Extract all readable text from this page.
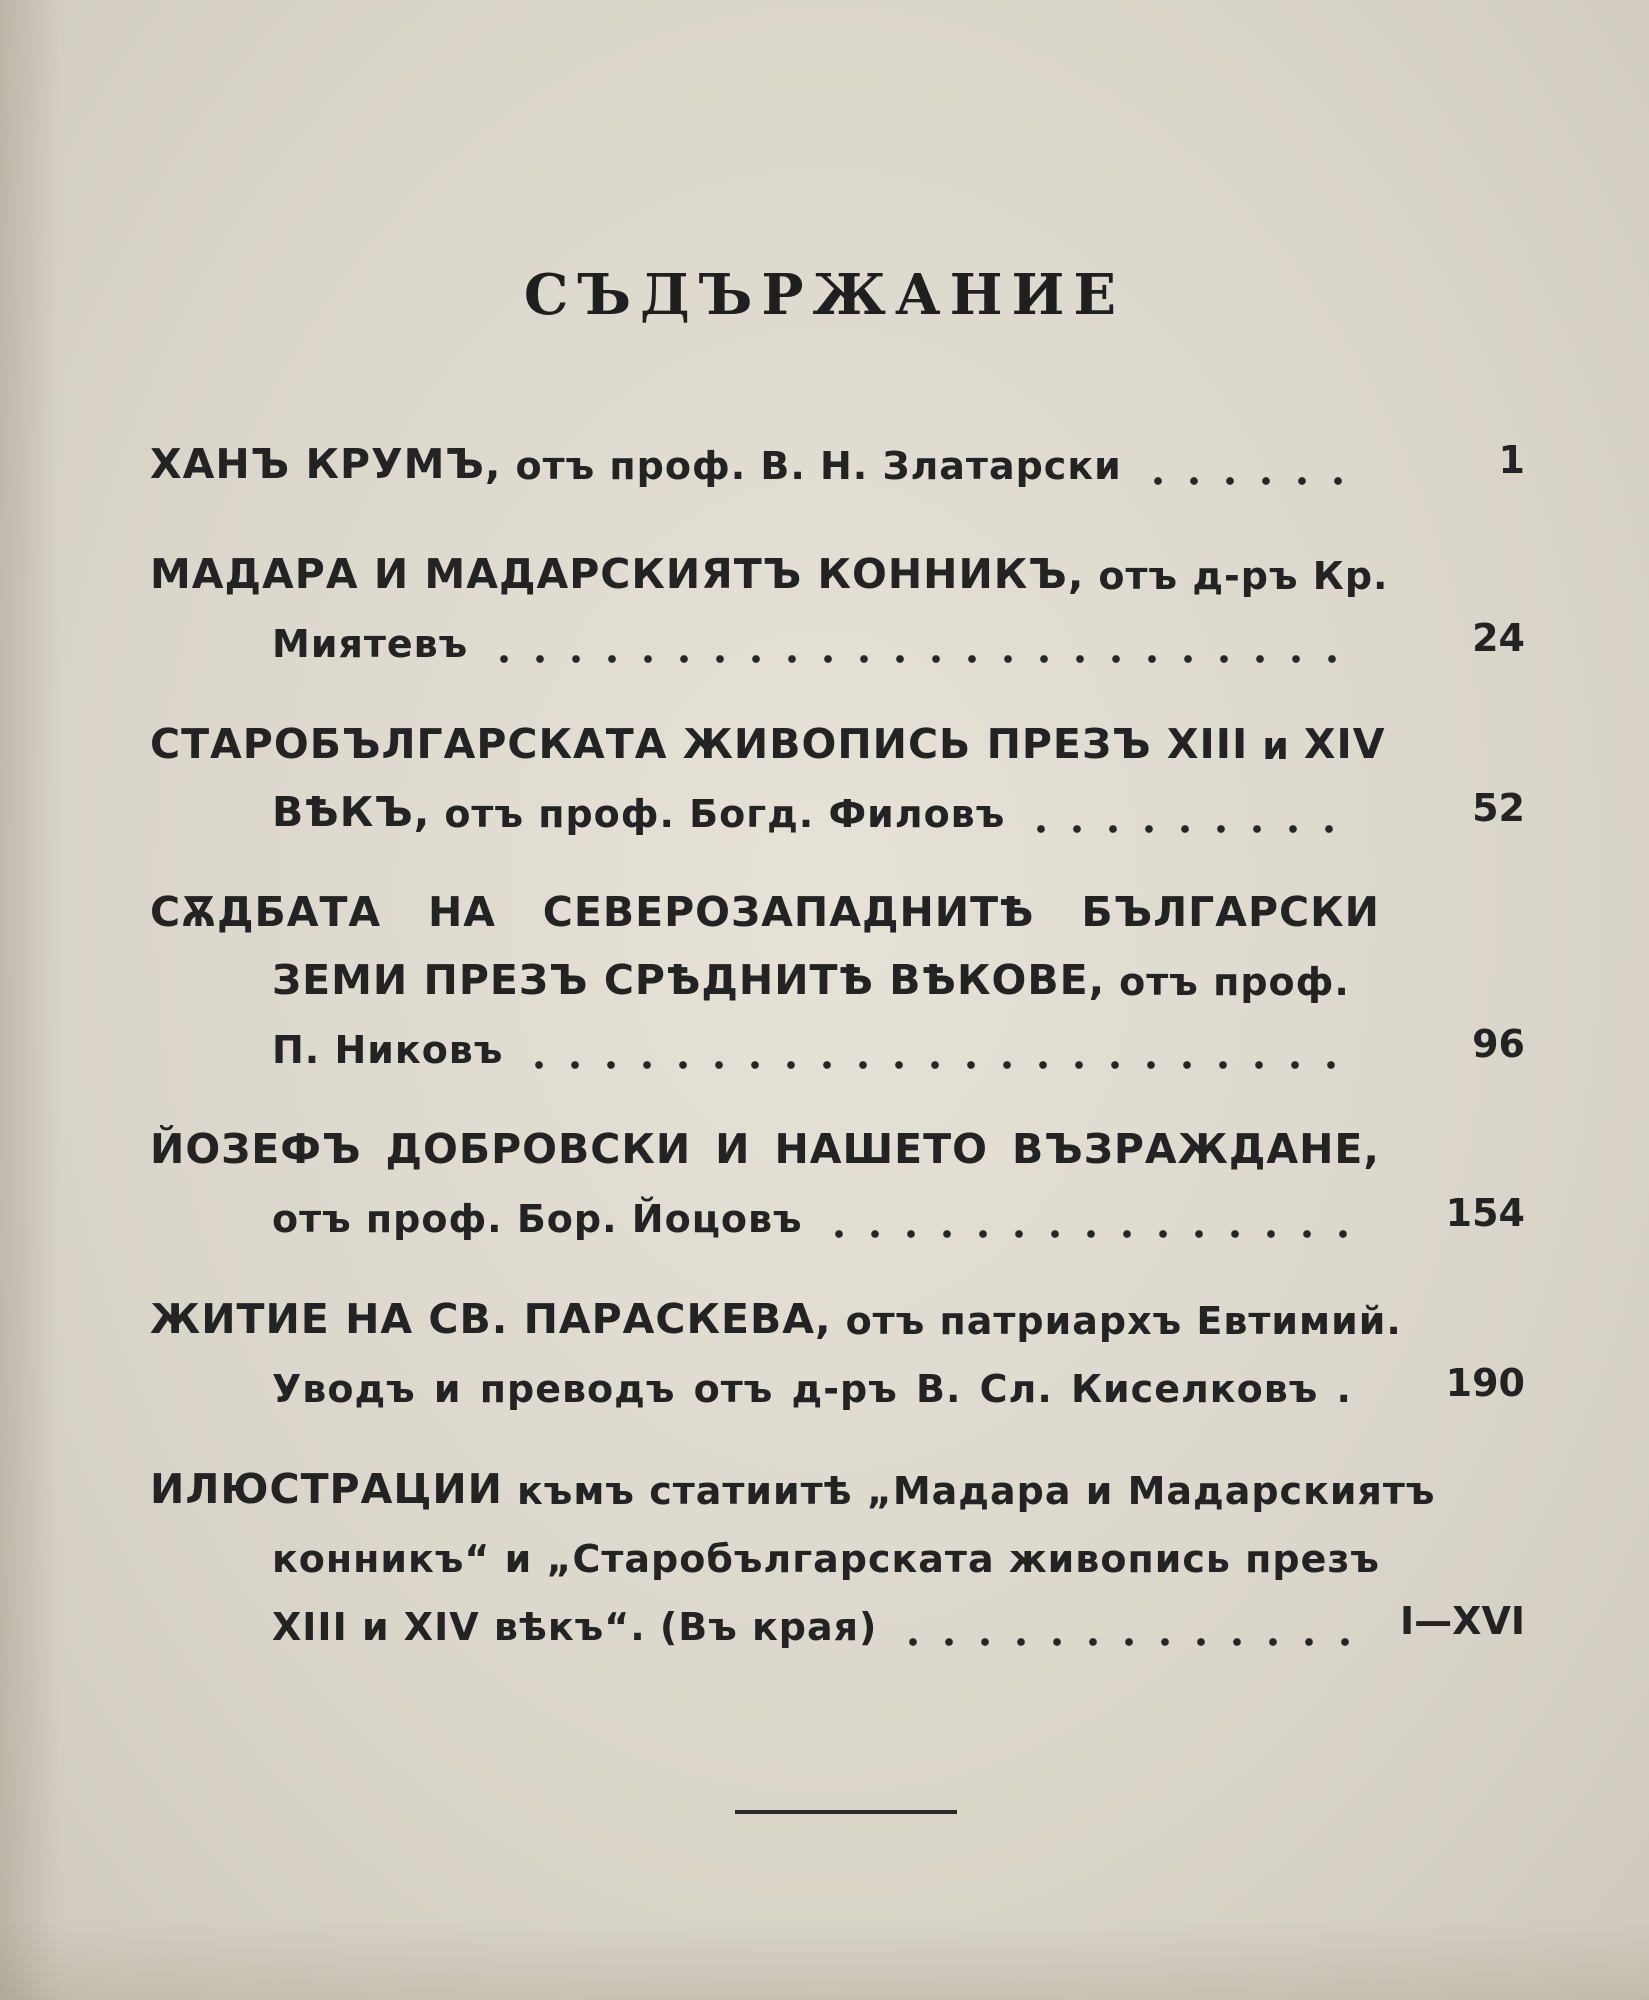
СЪДЪРЖАНИЕ
ХАНЪ КРУМЪ, отъ проф. В. Н. Златарски	1
МАДАРА И МАДАРСКИЯТЪ КОННИКЪ, отъ д-ръ Кр.
Миятевъ	24
СТАРОБЪЛГАРСКАТА ЖИВОПИСЬ ПРЕЗЪ XIII и XIV
ВѢКЪ, отъ проф. Богд. Филовъ	52
СѪДБАТА НА СЕВЕРОЗАПАДНИТѢ БЪЛГАРСКИ
ЗЕМИ ПРЕЗЪ СРѢДНИТѢ ВѢКОВЕ, отъ проф.
П. Никовъ	96
ЙОЗЕФЪ ДОБРОВСКИ И НАШЕТО ВЪЗРАЖДАНЕ,
отъ проф. Бор. Йоцовъ	154
ЖИТИЕ НА СВ. ПАРАСКЕВА, отъ патриархъ Евтимий.
Уводъ и преводъ отъ д-ръ В. Сл. Киселковъ . 190
ИЛЮСТРАЦИИ къмъ статиитѣ „Мадара и Мадарскиятъ
конникъ“ и „Старобългарската живопись презъ
XIII и XIV вѣкъ“. (Въ края)	I—XVI
